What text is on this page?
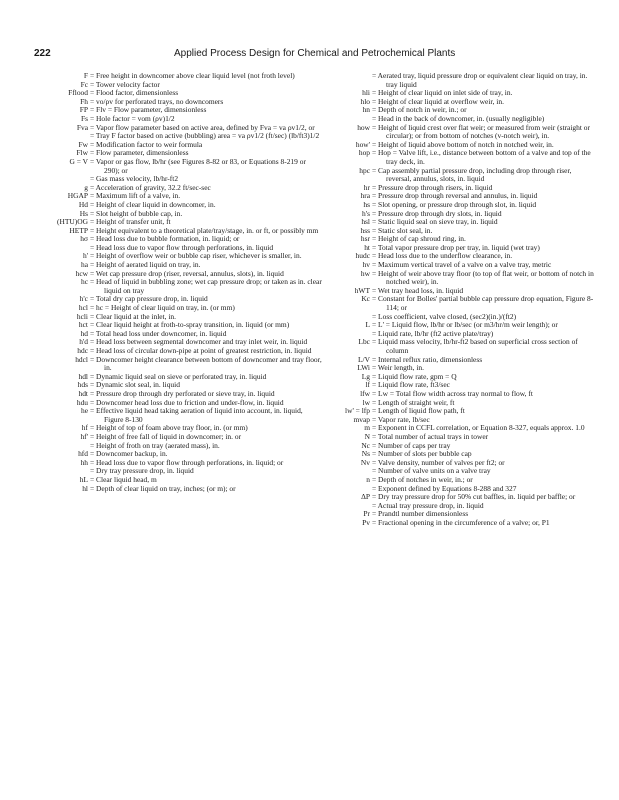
222	Applied Process Design for Chemical and Petrochemical Plants
F = Free height in downcomer above clear liquid level (not froth level)
Fc = Tower velocity factor
Fflood = Flood factor, dimensionless
Fh = vo/ρv for perforated trays, no downcomers
FP = Flv = Flow parameter, dimensionless
Fs = Hole factor = vom (ρv)1/2
Fva = Vapor flow parameter based on active area, defined by Fva = va ρv1/2, or
= Tray F factor based on active (bubbling) area = va ρv1/2 (ft/sec) (lb/ft3)1/2
Fw = Modification factor to weir formula
Flw = Flow parameter, dimensionless
G = V = Vapor or gas flow, lb/hr (see Figures 8-82 or 83, or Equations 8-219 or 290); or
= Gas mass velocity, lb/hr-ft2
g = Acceleration of gravity, 32.2 ft/sec-sec
HGAP = Maximum lift of a valve, in.
Hd = Height of clear liquid in downcomer, in.
Hs = Slot height of bubble cap, in.
(HTU)OG = Height of transfer unit, ft
HETP = Height equivalent to a theoretical plate/tray/stage, in. or ft, or possibly mm
hσ = Head loss due to bubble formation, in. liquid; or
= Head loss due to vapor flow through perforations, in. liquid
h' = Height of overflow weir or bubble cap riser, whichever is smaller, in.
ha = Height of aerated liquid on tray, in.
hcw = Wet cap pressure drop (riser, reversal, annulus, slots), in. liquid
hc = Head of liquid in bubbling zone; wet cap pressure drop; or taken as in. clear liquid on tray
h'c = Total dry cap pressure drop, in. liquid
hcl = hc = Height of clear liquid on tray, in. (or mm)
hcli = Clear liquid at the inlet, in.
hct = Clear liquid height at froth-to-spray transition, in. liquid (or mm)
hd = Total head loss under downcomer, in. liquid
h'd = Head loss between segmental downcomer and tray inlet weir, in. liquid
hdc = Head loss of circular down-pipe at point of greatest restriction, in. liquid
hdcl = Downcomer height clearance between bottom of downcomer and tray floor, in.
hdl = Dynamic liquid seal on sieve or perforated tray, in. liquid
hds = Dynamic slot seal, in. liquid
hdt = Pressure drop through dry perforated or sieve tray, in. liquid
hdu = Downcomer head loss due to friction and under-flow, in. liquid
he = Effective liquid head taking aeration of liquid into account, in. liquid, Figure 8-130
hf = Height of top of foam above tray floor, in. (or mm)
hf' = Height of free fall of liquid in downcomer; in. or
= Height of froth on tray (aerated mass), in.
hfd = Downcomer backup, in.
hh = Head loss due to vapor flow through perforations, in. liquid; or
= Dry tray pressure drop, in. liquid
hL = Clear liquid head, m
hl = Depth of clear liquid on tray, inches; (or m); or
= Aerated tray, liquid pressure drop or equivalent clear liquid on tray, in. tray liquid
hli = Height of clear liquid on inlet side of tray, in.
hlo = Height of clear liquid at overflow weir, in.
hn = Depth of notch in weir, in.; or
= Head in the back of downcomer, in. (usually negligible)
how = Height of liquid crest over flat weir; or measured from weir (straight or circular); or from bottom of notches (v-notch weir), in.
how' = Height of liquid above bottom of notch in notched weir, in.
hop = Hop = Valve lift, i.e., distance between bottom of a valve and top of the tray deck, in.
hpc = Cap assembly partial pressure drop, including drop through riser, reversal, annulus, slots, in. liquid
hr = Pressure drop through risers, in. liquid
hra = Pressure drop through reversal and annulus, in. liquid
hs = Slot opening, or pressure drop through slot, in. liquid
h's = Pressure drop through dry slots, in. liquid
hsl = Static liquid seal on sieve tray, in. liquid
hss = Static slot seal, in.
hsr = Height of cap shroud ring, in.
ht = Total vapor pressure drop per tray, in. liquid (wet tray)
hudc = Head loss due to the underflow clearance, in.
hv = Maximum vertical travel of a valve on a valve tray, metric
hw = Height of weir above tray floor (to top of flat weir, or bottom of notch in notched weir), in.
hWT = Wet tray head loss, in. liquid
Kc = Constant for Bolles' partial bubble cap pressure drop equation, Figure 8-114; or
= Loss coefficient, valve closed, (sec2)(in.)/(ft2)
L = L' = Liquid flow, lb/hr or lb/sec (or m3/hr/m weir length); or
= Liquid rate, lb/hr (ft2 active plate/tray)
Lbc = Liquid mass velocity, lb/hr-ft2 based on superficial cross section of column
L/V = Internal reflux ratio, dimensionless
LWi = Weir length, in.
Lg = Liquid flow rate, gpm = Q
lf = Liquid flow rate, ft3/sec
lfw = Lw = Total flow width across tray normal to flow, ft
lw = Length of straight weir, ft
lw' = lfp = Length of liquid flow path, ft
mvap = Vapor rate, lb/sec
m = Exponent in CCFL correlation, or Equation 8-327, equals approx. 1.0
N = Total number of actual trays in tower
Nc = Number of caps per tray
Ns = Number of slots per bubble cap
Nv = Valve density, number of valves per ft2; or
= Number of valve units on a valve tray
n = Depth of notches in weir, in.; or
= Exponent defined by Equations 8-288 and 327
ΔP = Dry tray pressure drop for 50% cut baffles, in. liquid per baffle; or
= Actual tray pressure drop, in. liquid
Pr = Prandtl number dimensionless
Pv = Fractional opening in the circumference of a valve; or, P1
